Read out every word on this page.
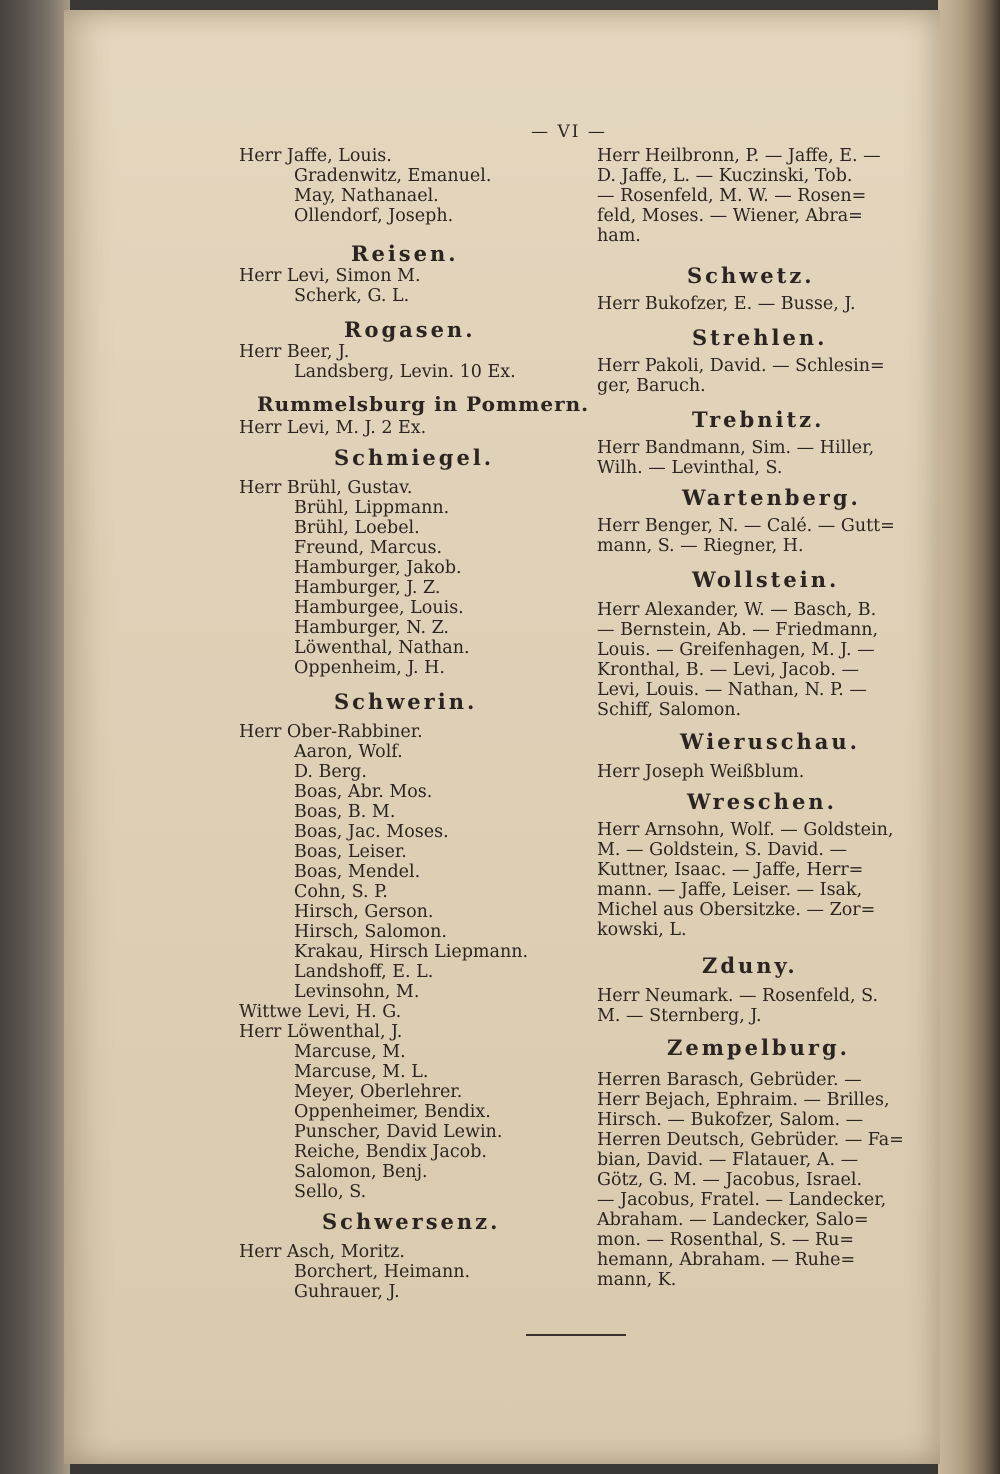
— VI —
Herr Jaffe, Louis.
Gradenwitz, Emanuel.
May, Nathanael.
Ollendorf, Joseph.
Reisen.
Herr Levi, Simon M.
Scherk, G. L.
Rogasen.
Herr Beer, J.
Landsberg, Levin. 10 Ex.
Rummelsburg in Pommern.
Herr Levi, M. J. 2 Ex.
Schmiegel.
Herr Brühl, Gustav.
Brühl, Lippmann.
Brühl, Loebel.
Freund, Marcus.
Hamburger, Jakob.
Hamburger, J. Z.
Hamburgee, Louis.
Hamburger, N. Z.
Löwenthal, Nathan.
Oppenheim, J. H.
Schwerin.
Herr Ober-Rabbiner.
Aaron, Wolf.
D. Berg.
Boas, Abr. Mos.
Boas, B. M.
Boas, Jac. Moses.
Boas, Leiser.
Boas, Mendel.
Cohn, S. P.
Hirsch, Gerson.
Hirsch, Salomon.
Krakau, Hirsch Liepmann.
Landshoff, E. L.
Levinsohn, M.
Wittwe Levi, H. G.
Herr Löwenthal, J.
Marcuse, M.
Marcuse, M. L.
Meyer, Oberlehrer.
Oppenheimer, Bendix.
Punscher, David Lewin.
Reiche, Bendix Jacob.
Salomon, Benj.
Sello, S.
Schwersenz.
Herr Asch, Moritz.
Borchert, Heimann.
Guhrauer, J.
Herr Heilbronn, P. — Jaffe, E. —
D. Jaffe, L. — Kuczinski, Tob.
— Rosenfeld, M. W. — Rosen=
feld, Moses. — Wiener, Abra=
ham.
Schwetz.
Herr Bukofzer, E. — Busse, J.
Strehlen.
Herr Pakoli, David. — Schlesin=
ger, Baruch.
Trebnitz.
Herr Bandmann, Sim. — Hiller,
Wilh. — Levinthal, S.
Wartenberg.
Herr Benger, N. — Calé. — Gutt=
mann, S. — Riegner, H.
Wollstein.
Herr Alexander, W. — Basch, B.
— Bernstein, Ab. — Friedmann,
Louis. — Greifenhagen, M. J. —
Kronthal, B. — Levi, Jacob. —
Levi, Louis. — Nathan, N. P. —
Schiff, Salomon.
Wieruschau.
Herr Joseph Weißblum.
Wreschen.
Herr Arnsohn, Wolf. — Goldstein,
M. — Goldstein, S. David. —
Kuttner, Isaac. — Jaffe, Herr=
mann. — Jaffe, Leiser. — Isak,
Michel aus Obersitzke. — Zor=
kowski, L.
Zduny.
Herr Neumark. — Rosenfeld, S.
M. — Sternberg, J.
Zempelburg.
Herren Barasch, Gebrüder. —
Herr Bejach, Ephraim. — Brilles,
Hirsch. — Bukofzer, Salom. —
Herren Deutsch, Gebrüder. — Fa=
bian, David. — Flatauer, A. —
Götz, G. M. — Jacobus, Israel.
— Jacobus, Fratel. — Landecker,
Abraham. — Landecker, Salo=
mon. — Rosenthal, S. — Ru=
hemann, Abraham. — Ruhe=
mann, K.
